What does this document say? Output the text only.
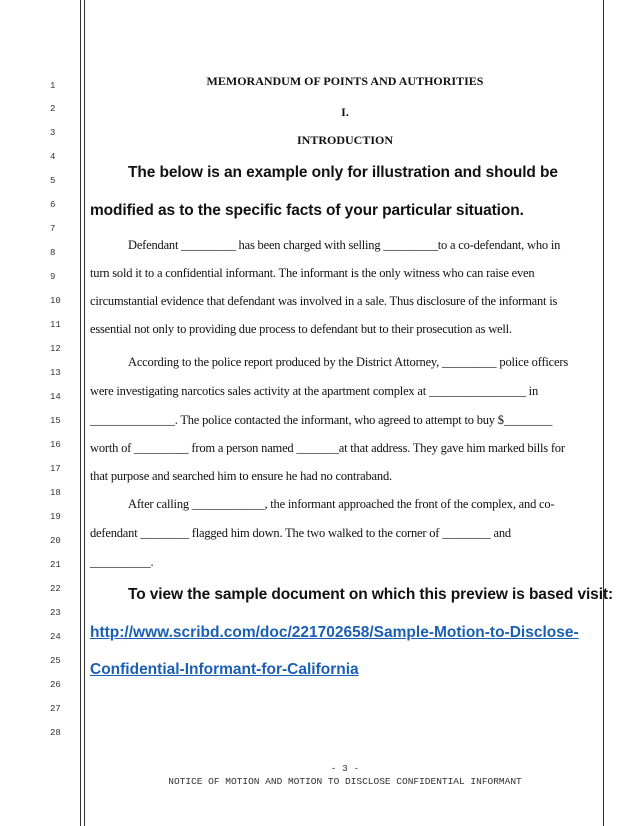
1
2
3
4
5
6
7
8
9
10
11
12
13
14
15
16
17
18
19
20
21
22
23
24
25
26
27
28
MEMORANDUM OF POINTS AND AUTHORITIES
I.
INTRODUCTION
The below is an example only for illustration and should be
modified as to the specific facts of your particular situation.
Defendant _________ has been charged with selling _________to a co-defendant, who in
turn sold it to a confidential informant. The informant is the only witness who can raise even
circumstantial evidence that defendant was involved in a sale. Thus disclosure of the informant is
essential not only to providing due process to defendant but to their prosecution as well.
According to the police report produced by the District Attorney, _________ police officers
were investigating narcotics sales activity at the apartment complex at ________________ in
______________. The police contacted the informant, who agreed to attempt to buy $________
worth of _________ from a person named _______at that address. They gave him marked bills for
that purpose and searched him to ensure he had no contraband.
After calling ____________, the informant approached the front of the complex, and co-
defendant ________ flagged him down. The two walked to the corner of ________ and
__________.
To view the sample document on which this preview is based visit:
http://www.scribd.com/doc/221702658/Sample-Motion-to-Disclose-
Confidential-Informant-for-California
- 3 -
NOTICE OF MOTION AND MOTION TO DISCLOSE CONFIDENTIAL INFORMANT
